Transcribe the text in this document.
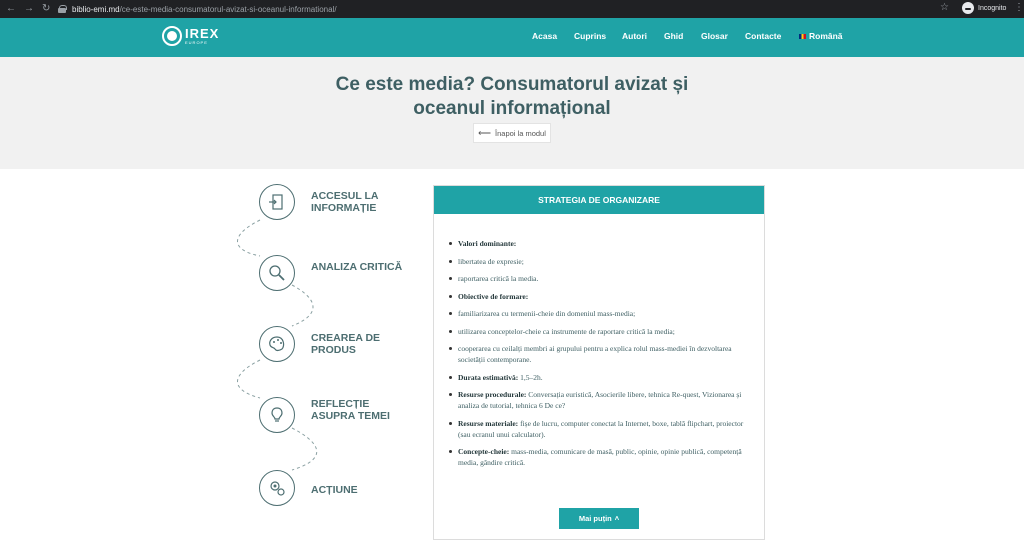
← → ↻	biblio-emi.md /ce-este-media-consumatorul-avizat-si-oceanul-informational/	☆	Incognito ⋮
IREX
EUROPE
Acasa Cuprins Autori Ghid Glosar Contacte	Română
Ce este media? Consumatorul avizat și oceanul informațional
⟵ Înapoi la modul
ACCESUL LA INFORMAȚIE
ANALIZA CRITICĂ
CREAREA DE PRODUS
REFLECȚIE ASUPRA TEMEI
ACȚIUNE
STRATEGIA DE ORGANIZARE
Valori dominante:
libertatea de expresie;
raportarea critică la media.
Obiective de formare:
familiarizarea cu termenii-cheie din domeniul mass-media;
utilizarea conceptelor-cheie ca instrumente de raportare critică la media;
cooperarea cu ceilalți membri ai grupului pentru a explica rolul mass-mediei în dezvoltarea societății contemporane.
Durata estimativă: 1,5–2h.
Resurse procedurale: Conversația euristică, Asocierile libere, tehnica Re-quest, Vizionarea și analiza de tutorial, tehnica 6 De ce?
Resurse materiale: fișe de lucru, computer conectat la Internet, boxe, tablă flipchart, proiector (sau ecranul unui calculator).
Concepte-cheie: mass-media, comunicare de masă, public, opinie, opinie publică, competență media, gândire critică.
Mai puțin ˄
